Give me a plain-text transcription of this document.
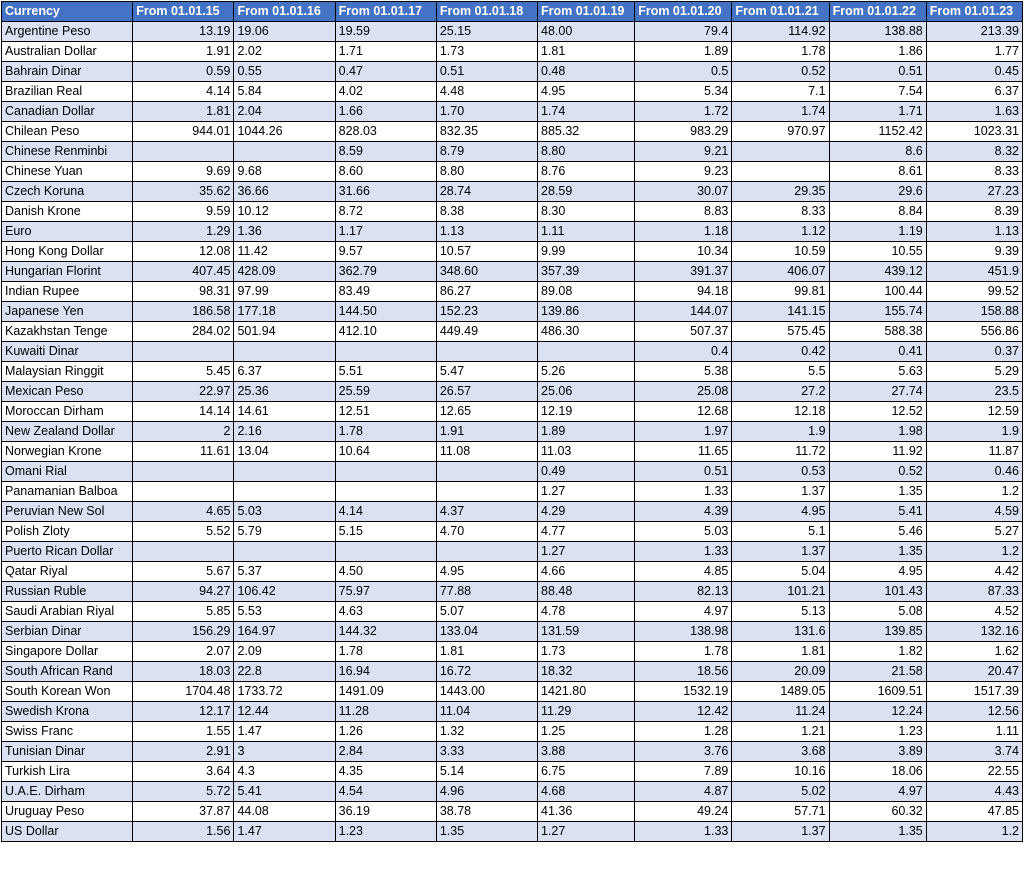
Currency	From 01.01.15	From 01.01.16	From 01.01.17	From 01.01.18	From 01.01.19	From 01.01.20	From 01.01.21	From 01.01.22	From 01.01.23
Argentine Peso	13.19	19.06	19.59	25.15	48.00	79.4	114.92	138.88	213.39
Australian Dollar	1.91	2.02	1.71	1.73	1.81	1.89	1.78	1.86	1.77
Bahrain Dinar	0.59	0.55	0.47	0.51	0.48	0.5	0.52	0.51	0.45
Brazilian Real	4.14	5.84	4.02	4.48	4.95	5.34	7.1	7.54	6.37
Canadian Dollar	1.81	2.04	1.66	1.70	1.74	1.72	1.74	1.71	1.63
Chilean Peso	944.01	1044.26	828.03	832.35	885.32	983.29	970.97	1152.42	1023.31
Chinese Renminbi			8.59	8.79	8.80	9.21		8.6	8.32
Chinese Yuan	9.69	9.68	8.60	8.80	8.76	9.23		8.61	8.33
Czech Koruna	35.62	36.66	31.66	28.74	28.59	30.07	29.35	29.6	27.23
Danish Krone	9.59	10.12	8.72	8.38	8.30	8.83	8.33	8.84	8.39
Euro	1.29	1.36	1.17	1.13	1.11	1.18	1.12	1.19	1.13
Hong Kong Dollar	12.08	11.42	9.57	10.57	9.99	10.34	10.59	10.55	9.39
Hungarian Florint	407.45	428.09	362.79	348.60	357.39	391.37	406.07	439.12	451.9
Indian Rupee	98.31	97.99	83.49	86.27	89.08	94.18	99.81	100.44	99.52
Japanese Yen	186.58	177.18	144.50	152.23	139.86	144.07	141.15	155.74	158.88
Kazakhstan Tenge	284.02	501.94	412.10	449.49	486.30	507.37	575.45	588.38	556.86
Kuwaiti Dinar						0.4	0.42	0.41	0.37
Malaysian Ringgit	5.45	6.37	5.51	5.47	5.26	5.38	5.5	5.63	5.29
Mexican Peso	22.97	25.36	25.59	26.57	25.06	25.08	27.2	27.74	23.5
Moroccan Dirham	14.14	14.61	12.51	12.65	12.19	12.68	12.18	12.52	12.59
New Zealand Dollar	2	2.16	1.78	1.91	1.89	1.97	1.9	1.98	1.9
Norwegian Krone	11.61	13.04	10.64	11.08	11.03	11.65	11.72	11.92	11.87
Omani Rial					0.49	0.51	0.53	0.52	0.46
Panamanian Balboa					1.27	1.33	1.37	1.35	1.2
Peruvian New Sol	4.65	5.03	4.14	4.37	4.29	4.39	4.95	5.41	4.59
Polish Zloty	5.52	5.79	5.15	4.70	4.77	5.03	5.1	5.46	5.27
Puerto Rican Dollar					1.27	1.33	1.37	1.35	1.2
Qatar Riyal	5.67	5.37	4.50	4.95	4.66	4.85	5.04	4.95	4.42
Russian Ruble	94.27	106.42	75.97	77.88	88.48	82.13	101.21	101.43	87.33
Saudi Arabian Riyal	5.85	5.53	4.63	5.07	4.78	4.97	5.13	5.08	4.52
Serbian Dinar	156.29	164.97	144.32	133.04	131.59	138.98	131.6	139.85	132.16
Singapore Dollar	2.07	2.09	1.78	1.81	1.73	1.78	1.81	1.82	1.62
South African Rand	18.03	22.8	16.94	16.72	18.32	18.56	20.09	21.58	20.47
South Korean Won	1704.48	1733.72	1491.09	1443.00	1421.80	1532.19	1489.05	1609.51	1517.39
Swedish Krona	12.17	12.44	11.28	11.04	11.29	12.42	11.24	12.24	12.56
Swiss Franc	1.55	1.47	1.26	1.32	1.25	1.28	1.21	1.23	1.11
Tunisian Dinar	2.91	3	2.84	3.33	3.88	3.76	3.68	3.89	3.74
Turkish Lira	3.64	4.3	4.35	5.14	6.75	7.89	10.16	18.06	22.55
U.A.E. Dirham	5.72	5.41	4.54	4.96	4.68	4.87	5.02	4.97	4.43
Uruguay Peso	37.87	44.08	36.19	38.78	41.36	49.24	57.71	60.32	47.85
US Dollar	1.56	1.47	1.23	1.35	1.27	1.33	1.37	1.35	1.2
